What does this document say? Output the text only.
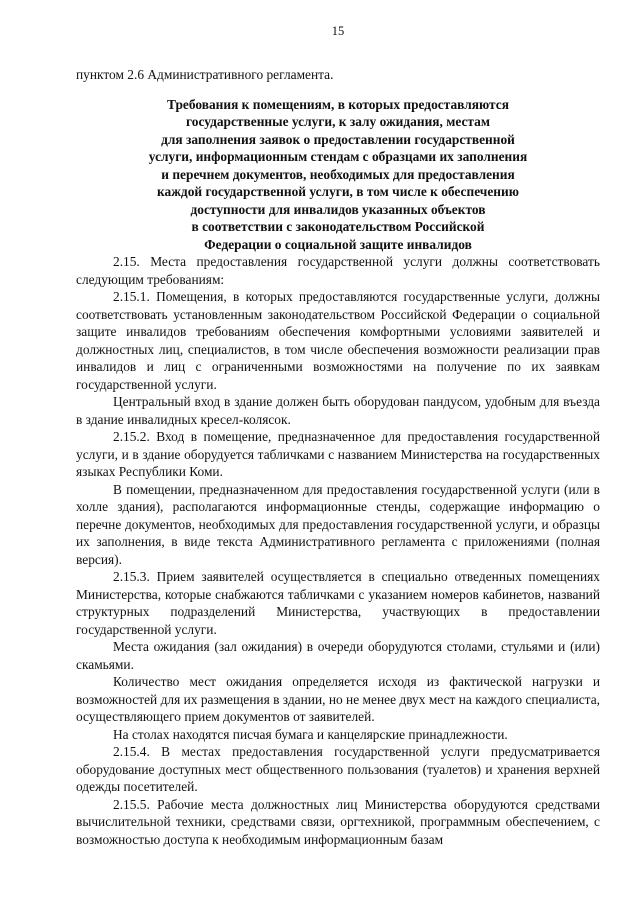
15

пунктом 2.6 Административного регламента.

Требования к помещениям, в которых предоставляются
государственные услуги, к залу ожидания, местам
для заполнения заявок о предоставлении государственной
услуги, информационным стендам с образцами их заполнения
и перечнем документов, необходимых для предоставления
каждой государственной услуги, в том числе к обеспечению
доступности для инвалидов указанных объектов
в соответствии с законодательством Российской
Федерации о социальной защите инвалидов

2.15. Места предоставления государственной услуги должны соответствовать следующим требованиям:

2.15.1. Помещения, в которых предоставляются государственные услуги, должны соответствовать установленным законодательством Российской Федерации о социальной защите инвалидов требованиям обеспечения комфортными условиями заявителей и должностных лиц, специалистов, в том числе обеспечения возможности реализации прав инвалидов и лиц с ограниченными возможностями на получение по их заявкам государственной услуги.

Центральный вход в здание должен быть оборудован пандусом, удобным для въезда в здание инвалидных кресел-колясок.

2.15.2. Вход в помещение, предназначенное для предоставления государственной услуги, и в здание оборудуется табличками с названием Министерства на государственных языках Республики Коми.

В помещении, предназначенном для предоставления государственной услуги (или в холле здания), располагаются информационные стенды, содержащие информацию о перечне документов, необходимых для предоставления государственной услуги, и образцы их заполнения, в виде текста Административного регламента с приложениями (полная версия).

2.15.3. Прием заявителей осуществляется в специально отведенных помещениях Министерства, которые снабжаются табличками с указанием номеров кабинетов, названий структурных подразделений Министерства, участвующих в предоставлении государственной услуги.

Места ожидания (зал ожидания) в очереди оборудуются столами, стульями и (или) скамьями.

Количество мест ожидания определяется исходя из фактической нагрузки и возможностей для их размещения в здании, но не менее двух мест на каждого специалиста, осуществляющего прием документов от заявителей.

На столах находятся писчая бумага и канцелярские принадлежности.

2.15.4. В местах предоставления государственной услуги предусматривается оборудование доступных мест общественного пользования (туалетов) и хранения верхней одежды посетителей.

2.15.5. Рабочие места должностных лиц Министерства оборудуются средствами вычислительной техники, средствами связи, оргтехникой, программным обеспечением, с возможностью доступа к необходимым информационным базам
